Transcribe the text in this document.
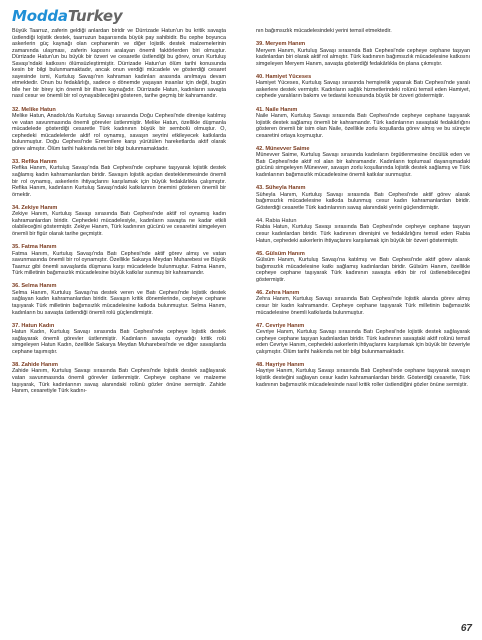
ModdaTurkey

Büyük Taarruz, zaferin geldiği anlardan biridir ve Dürrizade Hatun'un bu kritik savaşta üstlendiği lojistik destek, taarruzun başarısında büyük pay sahibidir. Bu cephe boyunca askerlerin güç kaynağı olan cephanenin ve diğer lojistik destek malzemelerinin zamanında ulaşması, zaferin kapısını aralayan önemli faktörlerden biri olmuştur. Dürrizade Hatun'un bu büyük bir özveri ve cesaretle üstlendiği bu görev, onun Kurtuluş Savaşı'ndaki katkısını ölümsüzleştirmiştir. Dürrizade Hatun'un ölüm tarihi konusunda kesin bir bilgi bulunmamaktadır, ancak onun verdiği mücadele ve gösterdiği cesaret sayesinde ismi, Kurtuluş Savaşı'nın kahraman kadınları arasında anılmaya devam etmektedir. Onun bu fedakârlığı, sadece o dönemde yaşayan insanlar için değil, bugün bile her bir birey için önemli bir ilham kaynağıdır. Dürrizade Hatun, kadınların savaşta nasıl cesur ve önemli bir rol oynayabileceğini gösteren, tarihe geçmiş bir kahramandır.

32. Melike Hatun

Melike Hatun, Anadolu'da Kurtuluş Savaşı sırasında Doğu Cephesi'nde direnişe katılmış ve vatan savunmasında önemli görevler üstlenmiştir. Melike Hatun, özellikle düşmanla mücadelede gösterdiği cesaretle Türk kadınının büyük bir sembolü olmuştur. O, cephedeki mücadelelerde aktif rol oynamış, savaşın seyrini etkileyecek katkılarda bulunmuştur. Doğu Cephesi'nde Ermenilere karşı yürütülen hareketlarda aktif olarak görev almıştır. Ölüm tarihi hakkında net bir bilgi bulunmamaktadır.

33. Refika Hanım

Refika Hanım, Kurtuluş Savaşı'nda Batı Cephesi'nde cephane taşıyarak lojistik destek sağlamış kadın kahramanlardan biridir. Savaşın lojistik açıdan desteklenmesinde önemli bir rol oynamış, askerlerin ihtiyaçlarını karşılamak için büyük fedakârlıkla çalışmıştır. Refika Hanım, kadınların Kurtuluş Savaşı'ndaki katkılarının önemini gösteren önemli bir örnektir.

34. Zekiye Hanım

Zekiye Hanım, Kurtuluş Savaşı sırasında Batı Cephesi'nde aktif rol oynamış kadın kahramanlardan biridir. Cephedeki mücadelesiyle, kadınların savaşta ne kadar etkili olabileceğini göstermiştir. Zekiye Hanım, Türk kadınının gücünü ve cesaretini simgeleyen önemli bir figür olarak tarihe geçmiştir.

35. Fatma Hanım

Fatma Hanım, Kurtuluş Savaşı'nda Batı Cephesi'nde aktif görev almış ve vatan savunmasında önemli bir rol oynamıştır. Özellikle Sakarya Meydan Muharebesi ve Büyük Taarruz gibi önemli savaşlarda düşmana karşı mücadelede bulunmuştur. Fatma Hanım, Türk milletinin bağımsızlık mücadelesine büyük katkılar sunmuş bir kahramandır.

36. Selma Hanım

Selma Hanım, Kurtuluş Savaşı'na destek veren ve Batı Cephesi'nde lojistik destek sağlayan kadın kahramanlardan biridir. Savaşın kritik dönemlerinde, cepheye cephane taşıyarak Türk milletinin bağımsızlık mücadelesine katkıda bulunmuştur. Selma Hanım, kadınların bu savaşta üstlendiği önemli rolü güçlendirmiştir.

37. Hatun Kadın

Hatun Kadın, Kurtuluş Savaşı sırasında Batı Cephesi'nde cepheye lojistik destek sağlayarak önemli görevler üstlenmiştir. Kadınların savaşta oynadığı kritik rolü simgeleyen Hatun Kadın, özellikle Sakarya Meydan Muharebesi'nde ve diğer savaşlarda cephane taşımıştır.

38. Zahide Hanım

Zahide Hanım, Kurtuluş Savaşı sırasında Batı Cephesi'nde lojistik destek sağlayarak vatan savunmasında önemli görevler üstlenmiştir. Cepheye cephane ve malzeme taşıyarak, Türk kadınlarının savaş alanındaki rolünü gözler önüne sermiştir. Zahide Hanım, cesaretiyle Türk kadını-

nın bağımsızlık mücadelesindeki yerini temsil etmektedir.

39. Meryem Hanım

Meryem Hanım, Kurtuluş Savaşı sırasında Batı Cephesi'nde cepheye cephane taşıyan kadınlardan biri olarak aktif rol almıştır. Türk kadınının bağımsızlık mücadelesine katkısını simgeleyen Meryem Hanım, savaşta gösterdiği fedakârlıkla ön plana çıkmıştır.

40. Hamiyet Yüceses

Hamiyet Yüceses, Kurtuluş Savaşı sırasında hemşirelik yaparak Batı Cephesi'nde yaralı askerlere destek vermiştir. Kadınların sağlık hizmetlerindeki rolünü temsil eden Hamiyet, cephede yaralıların bakımı ve tedavisi konusunda büyük bir özveri göstermiştir.

41. Naile Hanım

Naile Hanım, Kurtuluş Savaşı sırasında Batı Cephesi'nde cepheye cephane taşıyarak lojistik destek sağlamış önemli bir kahramandır. Türk kadınlarının savaştaki fedakârlığını gösteren önemli bir isim olan Naile, özellikle zorlu koşullarda görev almış ve bu süreçte cesaretini ortaya koymuştur.

42. Münevver Saime

Münevver Saime, Kurtuluş Savaşı sırasında kadınların örgütlenmesine öncülük eden ve Batı Cephesi'nde aktif rol alan bir kahramandır. Kadınların toplumsal dayanışmadaki gücünü simgeleyen Münevver, savaşın zorlu koşullarında lojistik destek sağlamış ve Türk kadınlarının bağımsızlık mücadelesine önemli katkılar sunmuştur.

43. Süheyla Hanım

Süheyla Hanım, Kurtuluş Savaşı sırasında Batı Cephesi'nde aktif görev alarak bağımsızlık mücadelesine katkıda bulunmuş cesur kadın kahramanlardan biridir. Gösterdiği cesaretle Türk kadınlarının savaş alanındaki yerini güçlendirmiştir.

44. Rabia Hatun

Rabia Hatun, Kurtuluş Savaşı sırasında Batı Cephesi'nde cepheye cephane taşıyan cesur kadınlardan biridir. Türk kadınının direnişini ve fedakârlığını temsil eden Rabia Hatun, cephedeki askerlerin ihtiyaçlarını karşılamak için büyük bir özveri göstermiştir.

45. Gülsüm Hanım

Gülsüm Hanım, Kurtuluş Savaşı'na katılmış ve Batı Cephesi'nde aktif görev alarak bağımsızlık mücadelesine katkı sağlamış kadınlardan biridir. Gülsüm Hanım, özellikle cepheye cephane taşıyarak Türk kadınının savaşta etkin bir rol üstlenebileceğini göstermiştir.

46. Zehra Hanım

Zehra Hanım, Kurtuluş Savaşı sırasında Batı Cephesi'nde lojistik alanda görev almış cesur bir kadın kahramandır. Cepheye cephane taşıyarak Türk milletinin bağımsızlık mücadelesine önemli katkılarda bulunmuştur.

47. Cevriye Hanım

Cevriye Hanım, Kurtuluş Savaşı sırasında Batı Cephesi'nde lojistik destek sağlayarak cepheye cephane taşıyan kadınlardan biridir. Türk kadınının savaştaki aktif rolünü temsil eden Cevriye Hanım, cephedeki askerlerin ihtiyaçlarını karşılamak için büyük bir özveriyle çalışmıştır. Ölüm tarihi hakkında net bir bilgi bulunmamaktadır.

48. Hayriye Hanım

Hayriye Hanım, Kurtuluş Savaşı sırasında Batı Cephesi'nde cephane taşıyarak savaşın lojistik desteğini sağlayan cesur kadın kahramanlardan biridir. Gösterdiği cesaretle, Türk kadınının bağımsızlık mücadelesinde nasıl kritik roller üstlendiğini gözler önüne sermiştir.

67
